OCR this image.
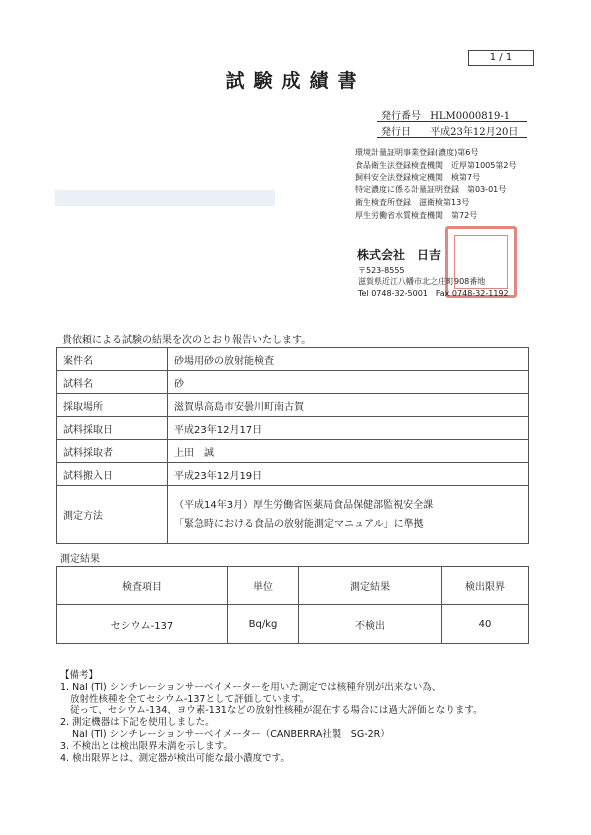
1 / 1
試験成績書
発行番号 HLM0000819-1
発行日 平成23年12月20日
環境計量証明事業登録(濃度)第6号
食品衛生法登録検査機関　近厚第1005第2号
飼料安全法登録検定機関　検第7号
特定濃度に係る計量証明登録　第03-01号
衛生検査所登録　滋衛検第13号
厚生労働省水質検査機関　第72号
株式会社　日吉
〒523-8555
滋賀県近江八幡市北之庄町908番地
Tel 0748-32-5001　Fax 0748-32-1192
貴依頼による試験の結果を次のとおり報告いたします。
案件名	砂場用砂の放射能検査
試料名	砂
採取場所	滋賀県高島市安曇川町南古賀
試料採取日	平成23年12月17日
試料採取者	上田　誠
試料搬入日	平成23年12月19日
測定方法	（平成14年3月）厚生労働省医薬局食品保健部監視安全課
「緊急時における食品の放射能測定マニュアル」に準拠
測定結果
検査項目	単位	測定結果	検出限界
セシウム-137	Bq/kg	不検出	40
【備考】
1. NaI (Tl) シンチレーションサーベイメーターを用いた測定では核種弁別が出来ない為、
放射性核種を全てセシウム-137として評価しています。
従って、セシウム-134、ヨウ素-131などの放射性核種が混在する場合には過大評価となります。
2. 測定機器は下記を使用しました。
NaI (Tl) シンチレーションサーベイメーター（CANBERRA社製　SG-2R）
3. 不検出とは検出限界未満を示します。
4. 検出限界とは、測定器が検出可能な最小濃度です。
